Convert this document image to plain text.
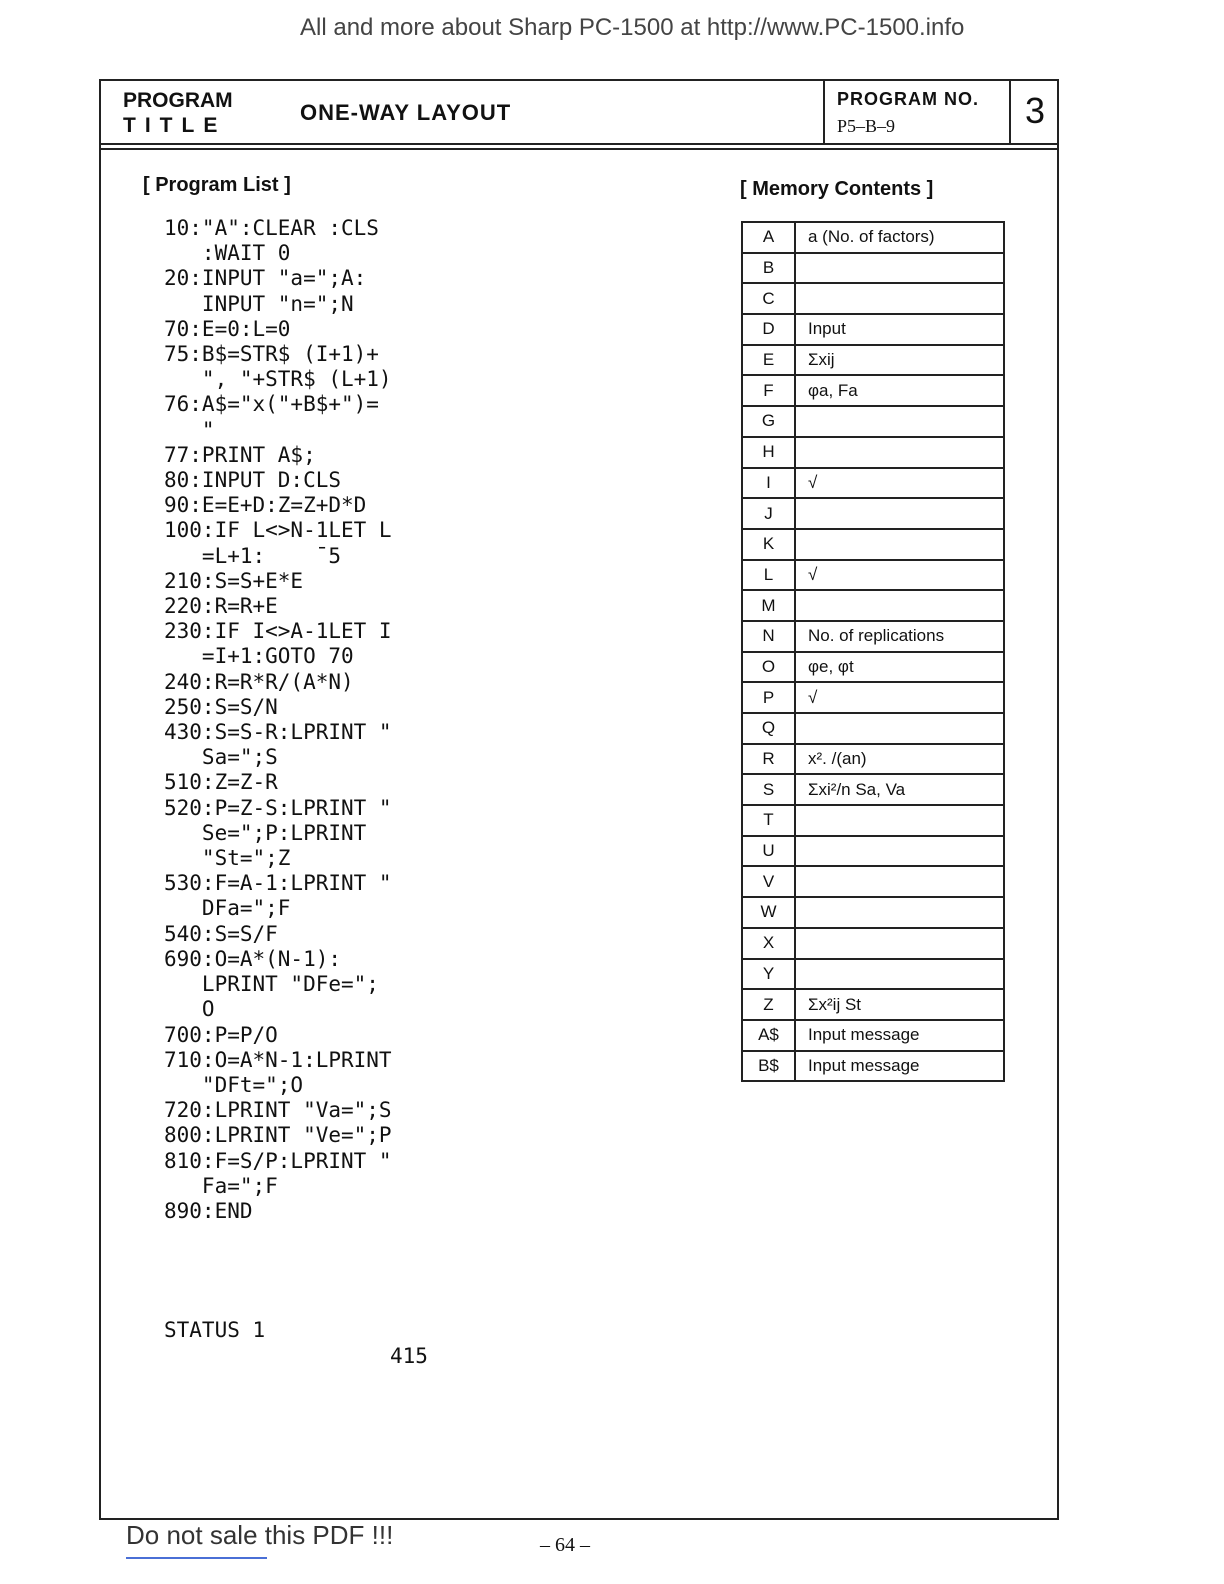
All and more about Sharp PC-1500 at http://www.PC-1500.info
PROGRAM
TITLE
ONE-WAY LAYOUT
PROGRAM NO.
P5–B–9	3
[ Program List ]
10:"A":CLEAR :CLS
:WAIT 0
20:INPUT "a=";A:
INPUT "n=";N
70:E=0:L=0
75:B$=STR$ (I+1)+
", "+STR$ (L+1)
76:A$="x("+B$+")=
"
77:PRINT A$;
80:INPUT D:CLS
90:E=E+D:Z=Z+D*D
100:IF L<>N-1LET L
=L+1:    ¯5
210:S=S+E*E
220:R=R+E
230:IF I<>A-1LET I
=I+1:GOTO 70
240:R=R*R/(A*N)
250:S=S/N
430:S=S-R:LPRINT "
Sa=";S
510:Z=Z-R
520:P=Z-S:LPRINT "
Se=";P:LPRINT
"St=";Z
530:F=A-1:LPRINT "
DFa=";F
540:S=S/F
690:O=A*(N-1):
LPRINT "DFe=";
O
700:P=P/O
710:O=A*N-1:LPRINT
"DFt=";O
720:LPRINT "Va=";S
800:LPRINT "Ve=";P
810:F=S/P:LPRINT "
Fa=";F
890:END
STATUS 1
415
[ Memory Contents ]
A	a (No. of factors)
B	
C	
D	Input
E	Σxij
F	φa, Fa
G	
H	
I	√
J	
K	
L	√
M	
N	No. of replications
O	φe, φt
P	√
Q	
R	x². /(an)
S	Σxi²/n Sa, Va
T	
U	
V	
W	
X	
Y	
Z	Σx²ij St
A$	Input message
B$	Input message
Do not sale this PDF !!!	– 64 –
